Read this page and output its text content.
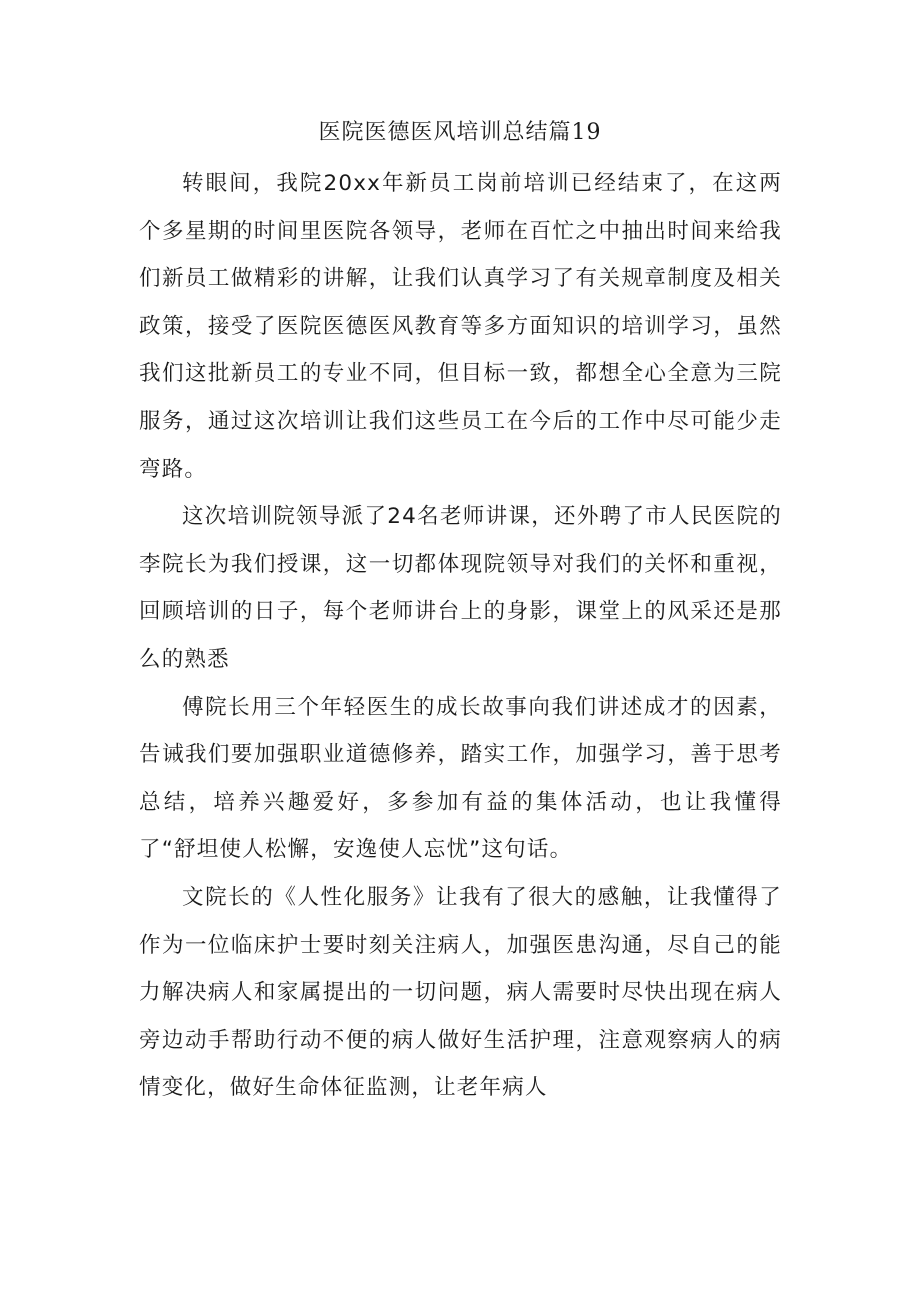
医院医德医风培训总结篇19

转眼间，我院20xx年新员工岗前培训已经结束了，在这两个多星期的时间里医院各领导，老师在百忙之中抽出时间来给我们新员工做精彩的讲解，让我们认真学习了有关规章制度及相关政策，接受了医院医德医风教育等多方面知识的培训学习，虽然我们这批新员工的专业不同，但目标一致，都想全心全意为三院服务，通过这次培训让我们这些员工在今后的工作中尽可能少走弯路。

这次培训院领导派了24名老师讲课，还外聘了市人民医院的李院长为我们授课，这一切都体现院领导对我们的关怀和重视，回顾培训的日子，每个老师讲台上的身影，课堂上的风采还是那么的熟悉

傅院长用三个年轻医生的成长故事向我们讲述成才的因素，告诫我们要加强职业道德修养，踏实工作，加强学习，善于思考总结，培养兴趣爱好，多参加有益的集体活动，也让我懂得了“舒坦使人松懈，安逸使人忘忧”这句话。

文院长的《人性化服务》让我有了很大的感触，让我懂得了作为一位临床护士要时刻关注病人，加强医患沟通，尽自己的能力解决病人和家属提出的一切问题，病人需要时尽快出现在病人旁边动手帮助行动不便的病人做好生活护理，注意观察病人的病情变化，做好生命体征监测，让老年病人
